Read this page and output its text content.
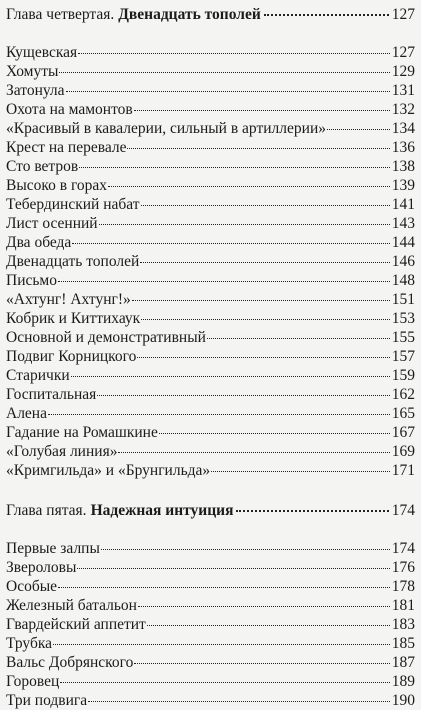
Глава четвертая. Двенадцать тополей	127
Кущевская	127
Хомуты	129
Затонула	131
Охота на мамонтов	132
«Красивый в кавалерии, сильный в артиллерии»	134
Крест на перевале	136
Сто ветров	138
Высоко в горах	139
Тебердинский набат	141
Лист осенний	143
Два обеда	144
Двенадцать тополей	146
Письмо	148
«Ахтунг! Ахтунг!»	151
Кобрик и Киттихаук	153
Основной и демонстративный	155
Подвиг Корницкого	157
Старички	159
Госпитальная	162
Алена	165
Гадание на Ромашкине	167
«Голубая линия»	169
«Кримгильда» и «Брунгильда»	171
Глава пятая. Надежная интуиция	174
Первые залпы	174
Звероловы	176
Особые	178
Железный батальон	181
Гвардейский аппетит	183
Трубка	185
Вальс Добрянского	187
Горовец	189
Три подвига	190
